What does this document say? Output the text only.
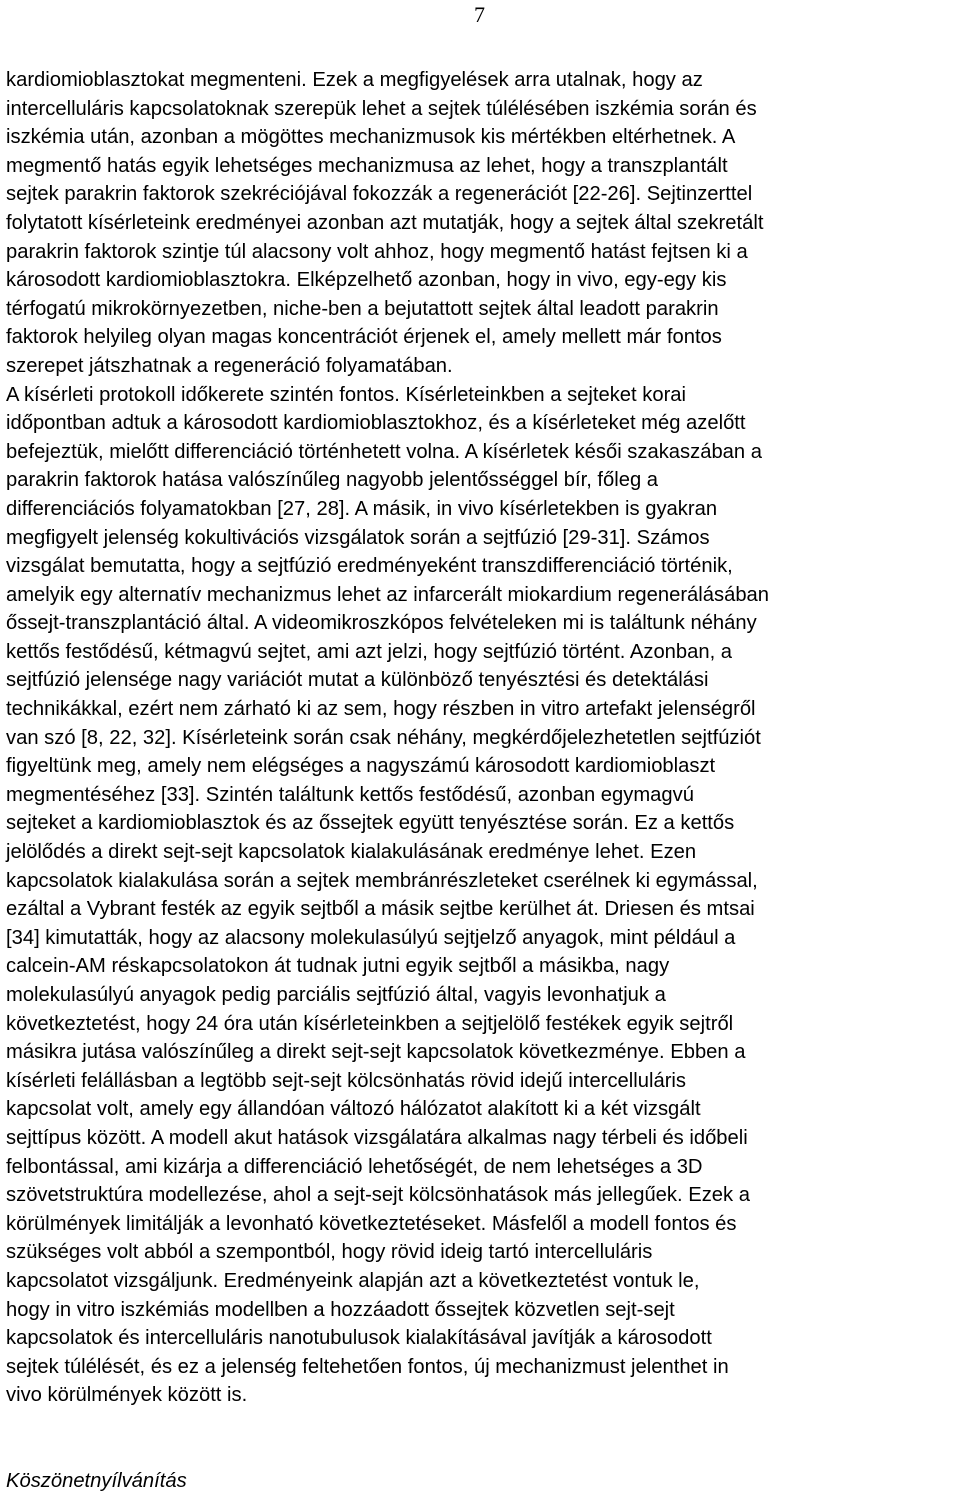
7
kardiomioblasztokat megmenteni. Ezek a megfigyelések arra utalnak, hogy az
intercelluláris kapcsolatoknak szerepük lehet a sejtek túlélésében iszkémia során és
iszkémia után, azonban a mögöttes mechanizmusok kis mértékben eltérhetnek. A
megmentő hatás egyik lehetséges mechanizmusa az lehet, hogy a transzplantált
sejtek parakrin faktorok szekréciójával fokozzák a regenerációt [22-26]. Sejtinzerttel
folytatott kísérleteink eredményei azonban azt mutatják, hogy a sejtek által szekretált
parakrin faktorok szintje túl alacsony volt ahhoz, hogy megmentő hatást fejtsen ki a
károsodott kardiomioblasztokra. Elképzelhető azonban, hogy in vivo, egy-egy kis
térfogatú mikrokörnyezetben, niche-ben a bejutattott sejtek által leadott parakrin
faktorok helyileg olyan magas koncentrációt érjenek el, amely mellett már fontos
szerepet játszhatnak a regeneráció folyamatában.
A kísérleti protokoll időkerete szintén fontos. Kísérleteinkben a sejteket korai
időpontban adtuk a károsodott kardiomioblasztokhoz, és a kísérleteket még azelőtt
befejeztük, mielőtt differenciáció történhetett volna. A kísérletek késői szakaszában a
parakrin faktorok hatása valószínűleg nagyobb jelentősséggel bír, főleg a
differenciációs folyamatokban [27, 28]. A másik, in vivo kísérletekben is gyakran
megfigyelt jelenség kokultivációs vizsgálatok során a sejtfúzió [29-31]. Számos
vizsgálat bemutatta, hogy a sejtfúzió eredményeként transzdifferenciáció történik,
amelyik egy alternatív mechanizmus lehet az infarcerált miokardium regenerálásában
őssejt-transzplantáció által. A videomikroszkópos felvételeken mi is találtunk néhány
kettős festődésű, kétmagvú sejtet, ami azt jelzi, hogy sejtfúzió történt. Azonban, a
sejtfúzió jelensége nagy variációt mutat a különböző tenyésztési és detektálási
technikákkal, ezért nem zárható ki az sem, hogy részben in vitro artefakt jelenségről
van szó [8, 22, 32]. Kísérleteink során csak néhány, megkérdőjelezhetetlen sejtfúziót
figyeltünk meg, amely nem elégséges a nagyszámú károsodott kardiomioblaszt
megmentéséhez [33]. Szintén találtunk kettős festődésű, azonban egymagvú
sejteket a kardiomioblasztok és az őssejtek együtt tenyésztése során. Ez a kettős
jelölődés a direkt sejt-sejt kapcsolatok kialakulásának eredménye lehet. Ezen
kapcsolatok kialakulása során a sejtek membránrészleteket cserélnek ki egymással,
ezáltal a Vybrant festék az egyik sejtből a másik sejtbe kerülhet át. Driesen és mtsai
[34] kimutatták, hogy az alacsony molekulasúlyú sejtjelző anyagok, mint például a
calcein-AM réskapcsolatokon át tudnak jutni egyik sejtből a másikba, nagy
molekulasúlyú anyagok pedig parciális sejtfúzió által, vagyis levonhatjuk a
következtetést, hogy 24 óra után kísérleteinkben a sejtjelölő festékek egyik sejtről
másikra jutása valószínűleg a direkt sejt-sejt kapcsolatok következménye. Ebben a
kísérleti felállásban a legtöbb sejt-sejt kölcsönhatás rövid idejű intercelluláris
kapcsolat volt, amely egy állandóan változó hálózatot alakított ki a két vizsgált
sejttípus között. A modell akut hatások vizsgálatára alkalmas nagy térbeli és időbeli
felbontással, ami kizárja a differenciáció lehetőségét, de nem lehetséges a 3D
szövetstruktúra modellezése, ahol a sejt-sejt kölcsönhatások más jellegűek. Ezek a
körülmények limitálják a levonható következtetéseket. Másfelől a modell fontos és
szükséges volt abból a szempontból, hogy rövid ideig tartó intercelluláris
kapcsolatot vizsgáljunk. Eredményeink alapján azt a következtetést vontuk le,
hogy in vitro iszkémiás modellben a hozzáadott őssejtek közvetlen sejt-sejt
kapcsolatok és intercelluláris nanotubulusok kialakításával javítják a károsodott
sejtek túlélését, és ez a jelenség feltehetően fontos, új mechanizmust jelenthet in
vivo körülmények között is.
Köszönetnyílvánítás
